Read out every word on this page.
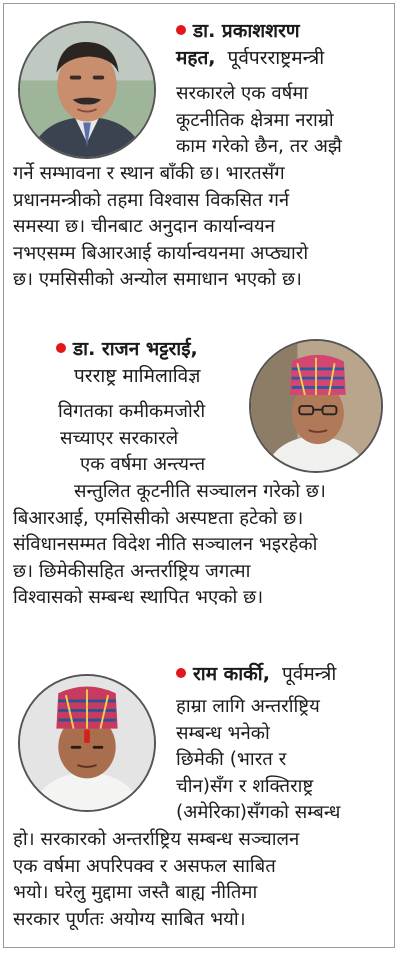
डा. प्रकाशशरण
महत, पूर्वपरराष्ट्रमन्त्री
सरकारले एक वर्षमा
कूटनीतिक क्षेत्रमा नराम्रो
काम गरेको छैन, तर अझै
गर्ने सम्भावना र स्थान बाँकी छ। भारतसँग
प्रधानमन्त्रीको तहमा विश्वास विकसित गर्न
समस्या छ। चीनबाट अनुदान कार्यान्वयन
नभएसम्म बिआरआई कार्यान्वयनमा अप्ठ्यारो
छ। एमसिसीको अन्योल समाधान भएको छ।
डा. राजन भट्टराई,
परराष्ट्र मामिलाविज्ञ
विगतका कमीकमजोरी
सच्याएर सरकारले
एक वर्षमा अन्त्यन्त
सन्तुलित कूटनीति सञ्चालन गरेको छ।
बिआरआई, एमसिसीको अस्पष्टता हटेको छ।
संविधानसम्मत विदेश नीति सञ्चालन भइरहेको
छ। छिमेकीसहित अन्तर्राष्ट्रिय जगत्मा
विश्वासको सम्बन्ध स्थापित भएको छ।
राम कार्की, पूर्वमन्त्री
हाम्रा लागि अन्तर्राष्ट्रिय
सम्बन्ध भनेको
छिमेकी (भारत र
चीन)सँग र शक्तिराष्ट्र
(अमेरिका)सँगको सम्बन्ध
हो। सरकारको अन्तर्राष्ट्रिय सम्बन्ध सञ्चालन
एक वर्षमा अपरिपक्व र असफल साबित
भयो। घरेलु मुद्दामा जस्तै बाह्य नीतिमा
सरकार पूर्णतः अयोग्य साबित भयो।
